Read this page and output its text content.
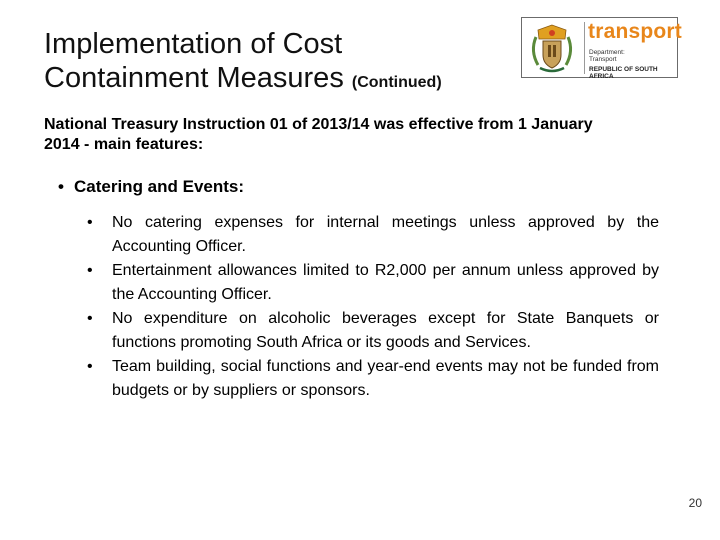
Implementation of Cost
Containment Measures (Continued)
transport
Department:
Transport
REPUBLIC OF SOUTH AFRICA
National Treasury Instruction 01 of 2013/14 was effective from 1 January 2014 - main features:
• Catering and Events:
• No catering expenses for internal meetings unless approved by the Accounting Officer.
• Entertainment allowances limited to R2,000 per annum unless approved by the Accounting Officer.
• No expenditure on alcoholic beverages except for State Banquets or functions promoting South Africa or its goods and Services.
• Team building, social functions and year-end events may not be funded from budgets or by suppliers or sponsors.
20
